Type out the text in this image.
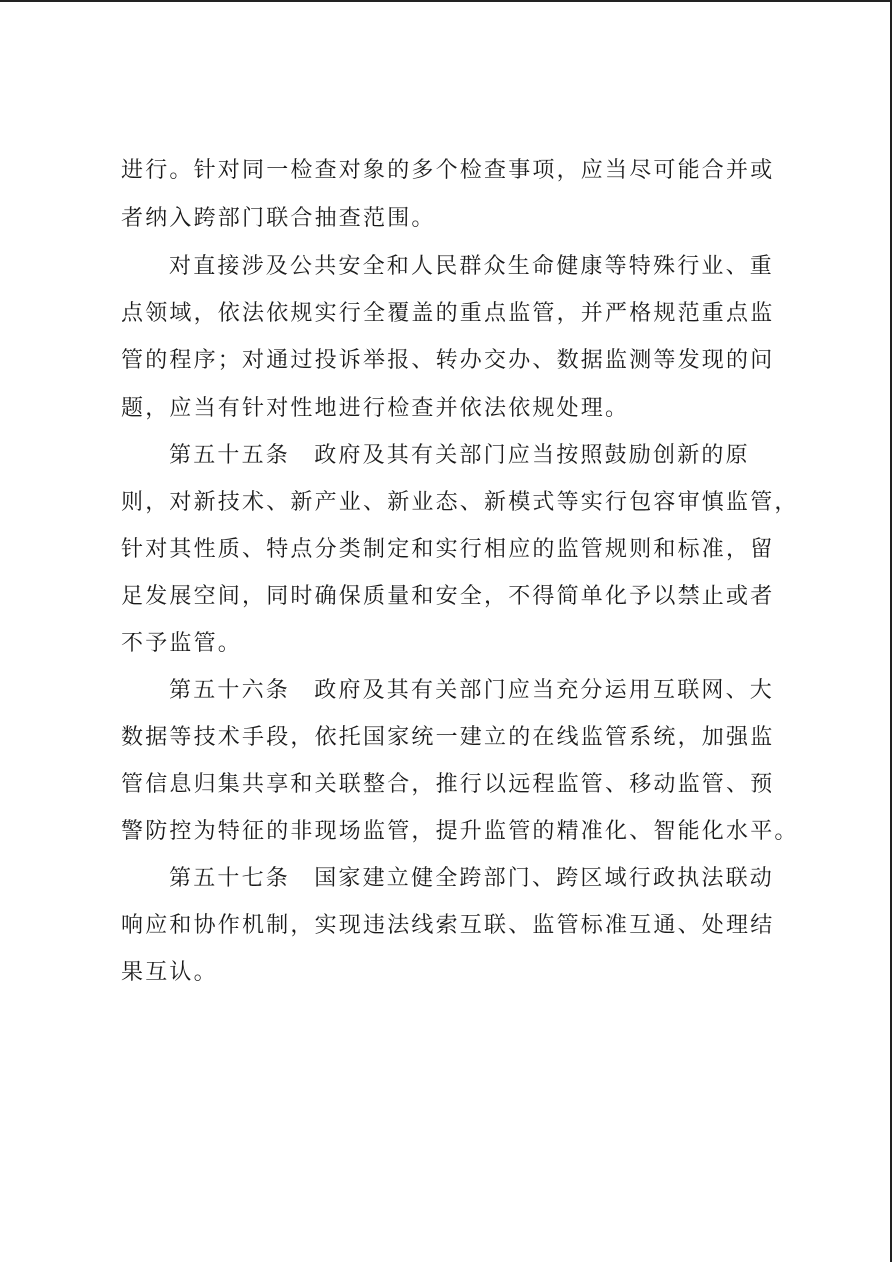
进行。针对同一检查对象的多个检查事项，应当尽可能合并或
者纳入跨部门联合抽查范围。
对直接涉及公共安全和人民群众生命健康等特殊行业、重
点领域，依法依规实行全覆盖的重点监管，并严格规范重点监
管的程序；对通过投诉举报、转办交办、数据监测等发现的问
题，应当有针对性地进行检查并依法依规处理。
第五十五条　政府及其有关部门应当按照鼓励创新的原
则，对新技术、新产业、新业态、新模式等实行包容审慎监管，
针对其性质、特点分类制定和实行相应的监管规则和标准，留
足发展空间，同时确保质量和安全，不得简单化予以禁止或者
不予监管。
第五十六条　政府及其有关部门应当充分运用互联网、大
数据等技术手段，依托国家统一建立的在线监管系统，加强监
管信息归集共享和关联整合，推行以远程监管、移动监管、预
警防控为特征的非现场监管，提升监管的精准化、智能化水平。
第五十七条　国家建立健全跨部门、跨区域行政执法联动
响应和协作机制，实现违法线索互联、监管标准互通、处理结
果互认。
